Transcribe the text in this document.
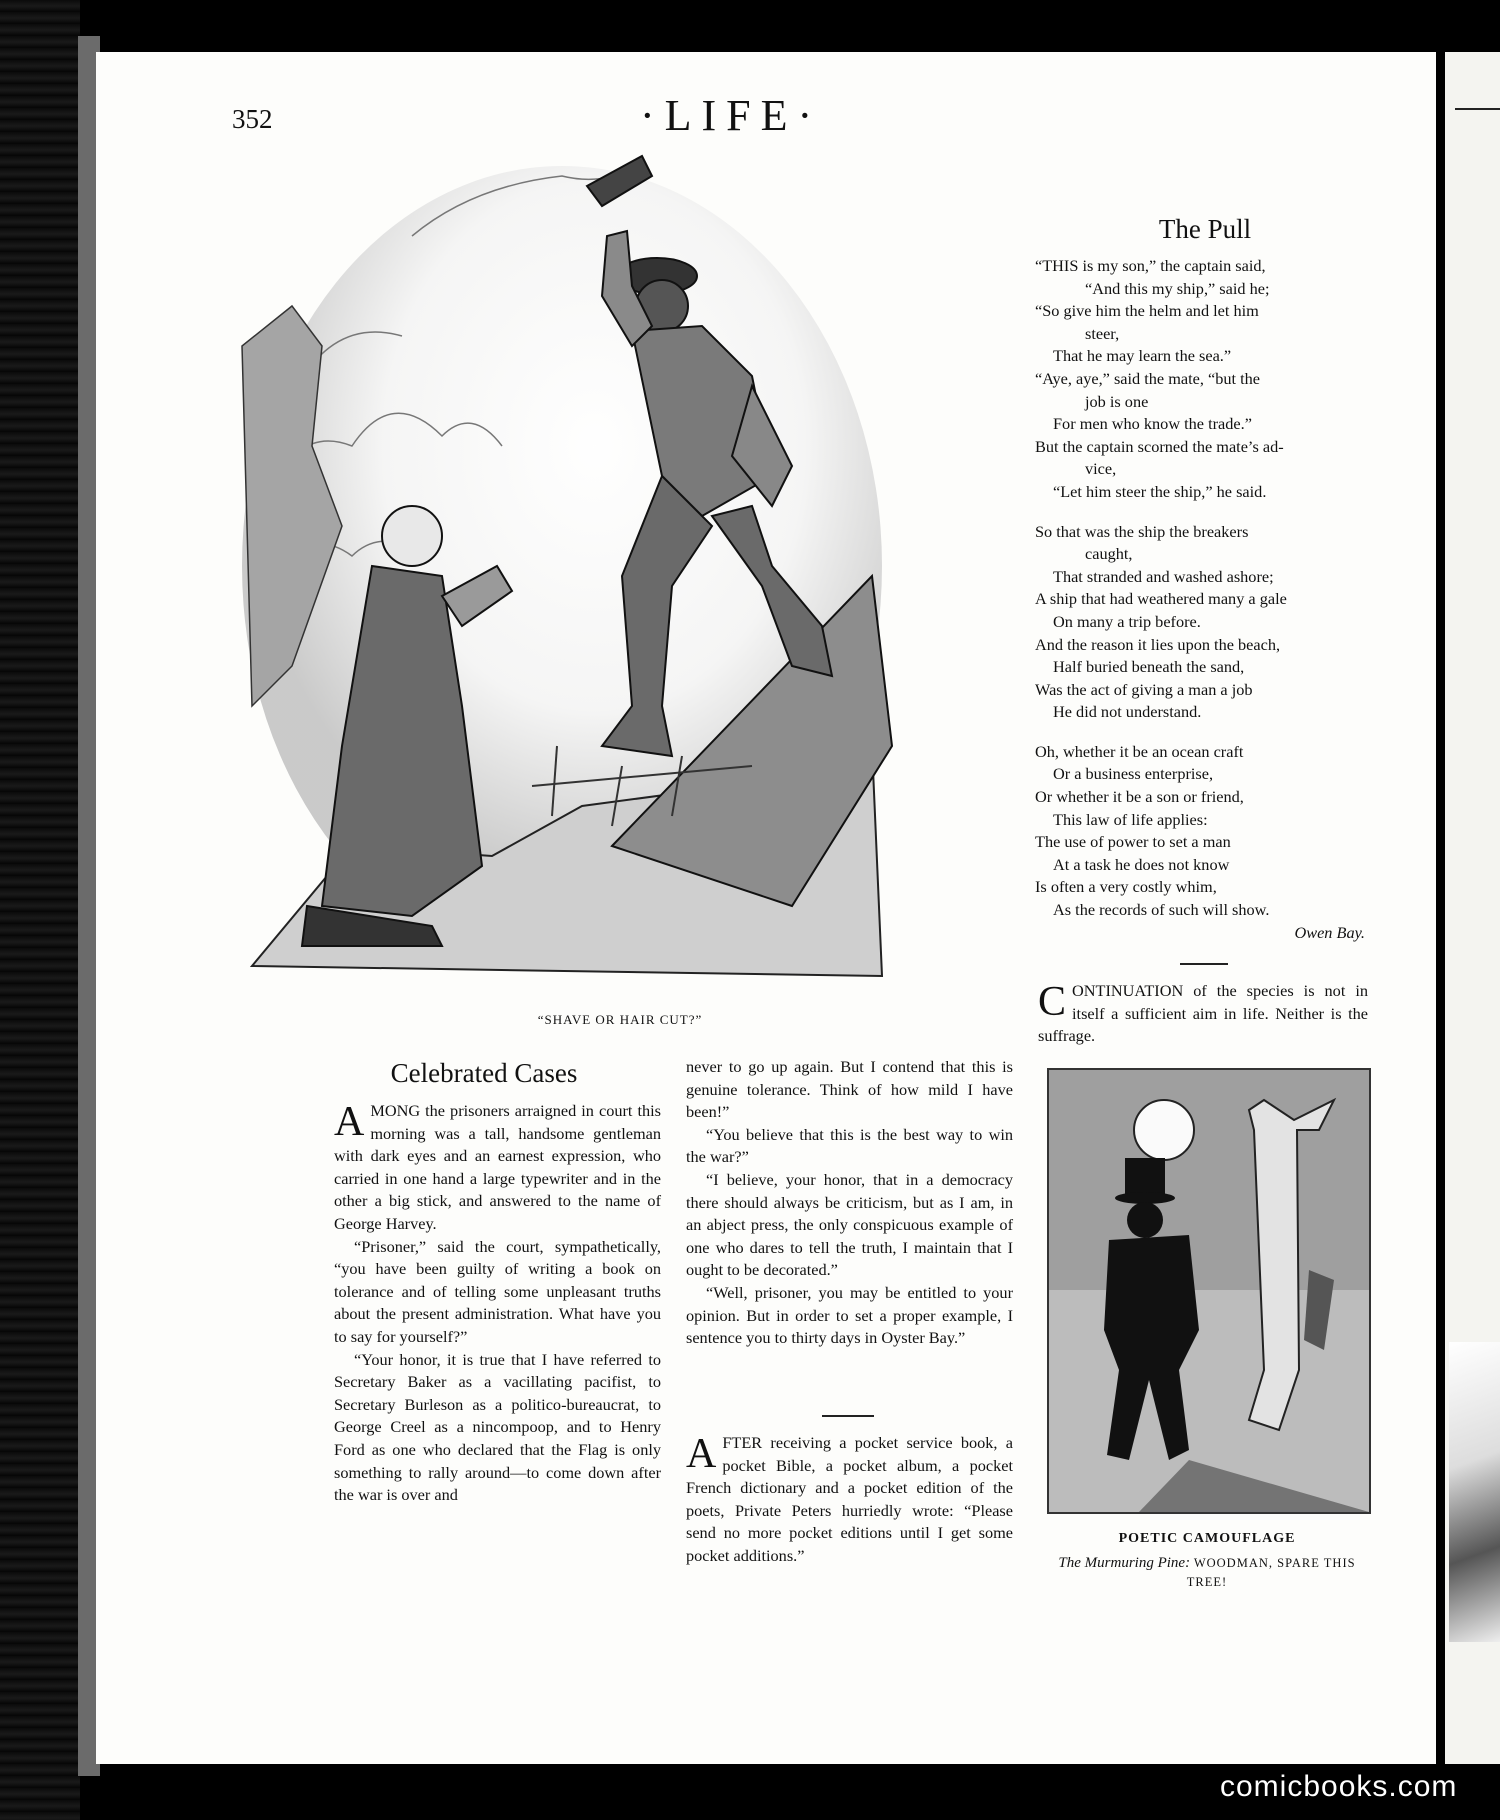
352	·LIFE·
“SHAVE OR HAIR CUT?”
The Pull
“THIS is my son,” the captain said,
“And this my ship,” said he;
“So give him the helm and let him
steer,
That he may learn the sea.”
“Aye, aye,” said the mate, “but the
job is one
For men who know the trade.”
But the captain scorned the mate’s ad-
vice,
“Let him steer the ship,” he said.
So that was the ship the breakers
caught,
That stranded and washed ashore;
A ship that had weathered many a gale
On many a trip before.
And the reason it lies upon the beach,
Half buried beneath the sand,
Was the act of giving a man a job
He did not understand.
Oh, whether it be an ocean craft
Or a business enterprise,
Or whether it be a son or friend,
This law of life applies:
The use of power to set a man
At a task he does not know
Is often a very costly whim,
As the records of such will show.
Owen Bay.

CONTINUATION of the species is not in itself a sufficient aim in life. Neither is the suffrage.

POETIC CAMOUFLAGE
The Murmuring Pine: WOODMAN, SPARE THIS TREE!
Celebrated Cases

AMONG the prisoners arraigned in court this morning was a tall, handsome gentleman with dark eyes and an earnest expression, who carried in one hand a large typewriter and in the other a big stick, and answered to the name of George Harvey.

“Prisoner,” said the court, sympathetically, “you have been guilty of writing a book on tolerance and of telling some unpleasant truths about the present administration. What have you to say for yourself?”

“Your honor, it is true that I have referred to Secretary Baker as a vacillating pacifist, to Secretary Burleson as a politico-bureaucrat, to George Creel as a nincompoop, and to Henry Ford as one who declared that the Flag is only something to rally around—to come down after the war is over and

never to go up again. But I contend that this is genuine tolerance. Think of how mild I have been!”

“You believe that this is the best way to win the war?”

“I believe, your honor, that in a democracy there should always be criticism, but as I am, in an abject press, the only conspicuous example of one who dares to tell the truth, I maintain that I ought to be decorated.”

“Well, prisoner, you may be entitled to your opinion. But in order to set a proper example, I sentence you to thirty days in Oyster Bay.”

AFTER receiving a pocket service book, a pocket Bible, a pocket album, a pocket French dictionary and a pocket edition of the poets, Private Peters hurriedly wrote: “Please send no more pocket editions until I get some pocket additions.”

comicbooks.com
